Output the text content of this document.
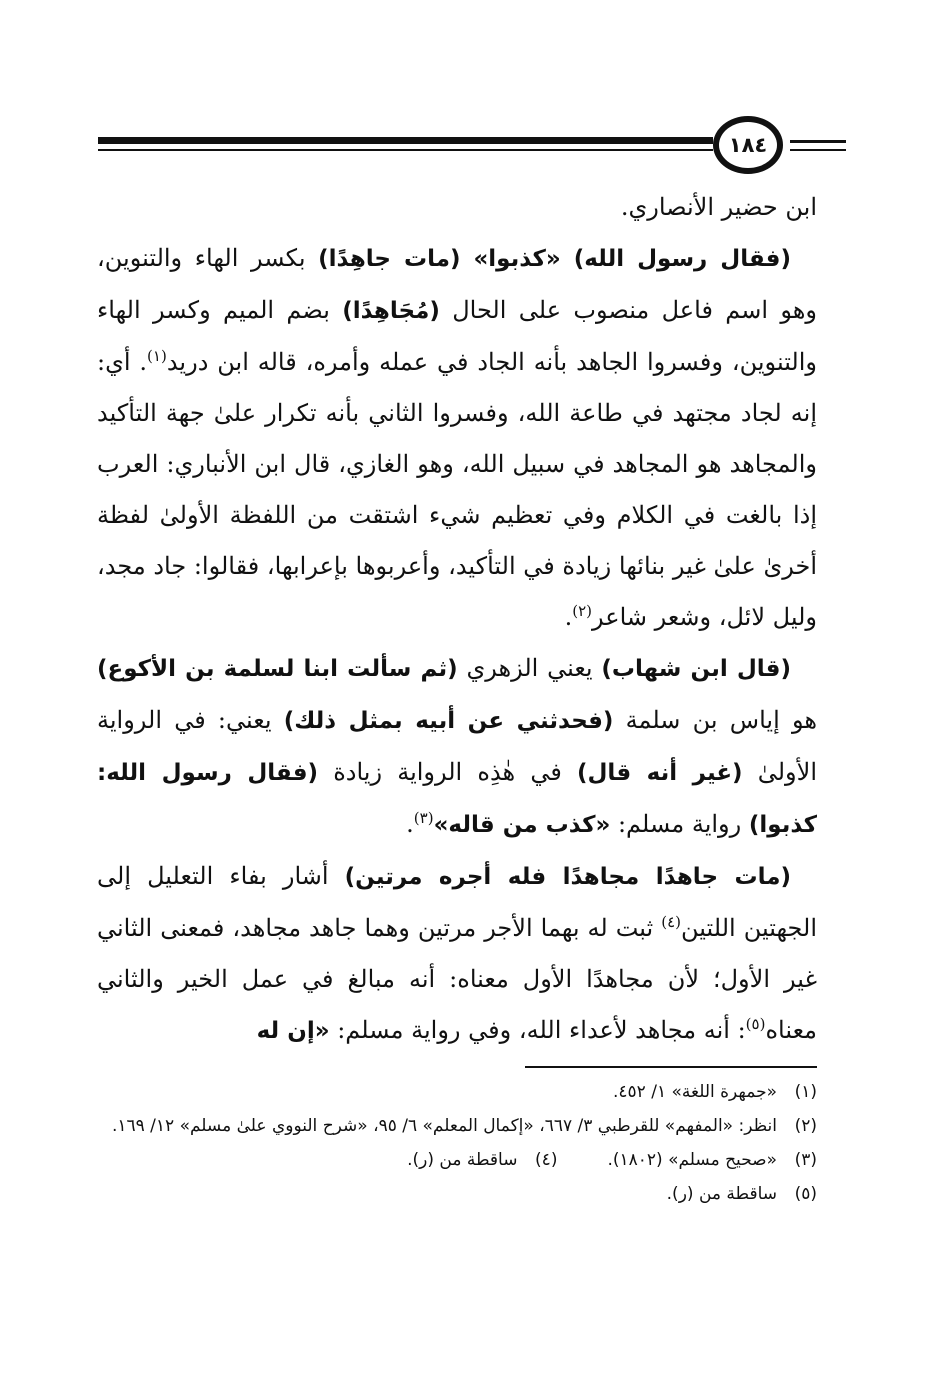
١٨٤

ابن حضير الأنصاري.

(فقال رسول الله) «كذبوا» (مات جاهِدًا) بكسر الهاء والتنوين، وهو اسم فاعل منصوب على الحال (مُجَاهِدًا) بضم الميم وكسر الهاء والتنوين، وفسروا الجاهد بأنه الجاد في عمله وأمره، قاله ابن دريد$^{(١)}$. أي: إنه لجاد مجتهد في طاعة الله، وفسروا الثاني بأنه تكرار علىٰ جهة التأكيد والمجاهد هو المجاهد في سبيل الله، وهو الغازي، قال ابن الأنباري: العرب إذا بالغت في الكلام وفي تعظيم شيء اشتقت من اللفظة الأولىٰ لفظة أخرىٰ علىٰ غير بنائها زيادة في التأكيد، وأعربوها بإعرابها، فقالوا: جاد مجد، وليل لائل، وشعر شاعر$^{(٢)}$.

(قال ابن شهاب) يعني الزهري (ثم سألت ابنا لسلمة بن الأكوع) هو إياس بن سلمة (فحدثني عن أبيه بمثل ذلك) يعني: في الرواية الأولىٰ (غير أنه قال) في هٰذِه الرواية زيادة (فقال رسول الله: كذبوا) رواية مسلم: «كذب من قاله»$^{(٣)}$.

(مات جاهدًا مجاهدًا فله أجره مرتين) أشار بفاء التعليل إلى الجهتين اللتين$^{(٤)}$ ثبت له بهما الأجر مرتين وهما جاهد مجاهد، فمعنى الثاني غير الأول؛ لأن مجاهدًا الأول معناه: أنه مبالغ في عمل الخير والثاني معناه$^{(٥)}$: أنه مجاهد لأعداء الله، وفي رواية مسلم: «إن له

(١)
«جمهرة اللغة» ١/ ٤٥٢.
(٢)
انظر: «المفهم» للقرطبي ٣/ ٦٦٧، «إكمال المعلم» ٦/ ٩٥، «شرح النووي علىٰ مسلم» ١٢/ ١٦٩.
(٣)
«صحيح مسلم» (١٨٠٢).
(٤)
ساقطة من (ر).
(٥)
ساقطة من (ر).
